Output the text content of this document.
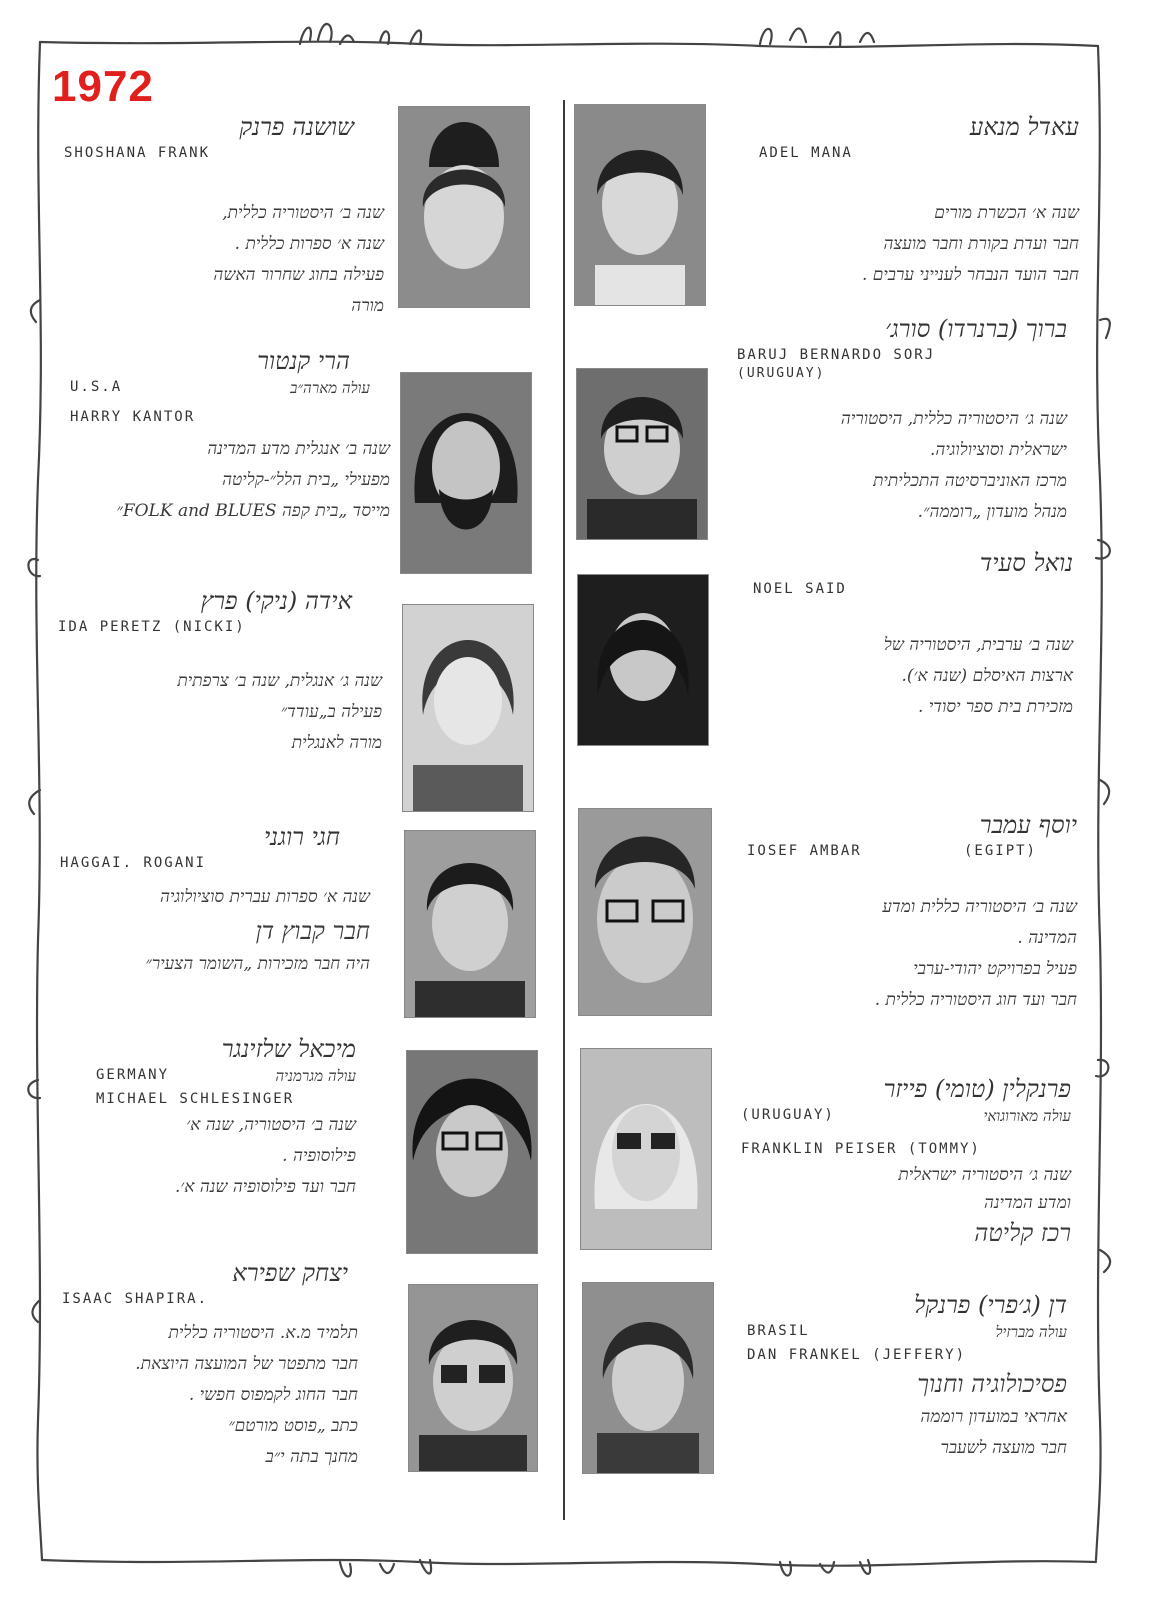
1972
עאדל מנאע
ADEL MANA
שנה א׳ הכשרת מורים
חבר ועדת בקורת וחבר מועצה
חבר הועד הנבחר לענייני ערבים .
ברוך (ברנרדו) סורג׳
BARUJ BERNARDO SORJ
(URUGUAY)
שנה ג׳ היסטוריה כללית, היסטוריה
ישראלית וסוציולוגיה.
מרכז האוניברסיטה התכליתית
מנהל מועדון „רוממה״.
נואל סעיד
NOEL SAID
שנה ב׳ ערבית, היסטוריה של
ארצות האיסלם (שנה א׳).
מזכירת בית ספר יסודי .
יוסף עמבר
(EGIPT)
IOSEF AMBAR
שנה ב׳ היסטוריה כללית ומדע
המדינה .
פעיל בפרויקט יהודי-ערבי
חבר ועד חוג היסטוריה כללית .
פרנקלין (טומי) פייזר
עולה מאורוגואי
(URUGUAY)
FRANKLIN PEISER (TOMMY)
שנה ג׳ היסטוריה ישראלית
ומדע המדינה
רכז קליטה
דן (ג׳פרי) פרנקל
עולה מברזיל
BRASIL
DAN FRANKEL (JEFFERY)
פסיכולוגיה וחנוך
אחראי במועדון רוממה
חבר מועצה לשעבר
שושנה פרנק
SHOSHANA FRANK
שנה ב׳ היסטוריה כללית,
שנה א׳ ספרות כללית .
פעילה בחוג שחרור האשה
מורה
הרי קנטור
עולה מארה״ב
U.S.A
HARRY KANTOR
שנה ב׳ אנגלית מדע המדינה
מפעילי „בית הלל״-קליטה
מייסד „בית קפה FOLK and BLUES״
אידה (ניקי) פרץ
IDA PERETZ (NICKI)
שנה ג׳ אנגלית, שנה ב׳ צרפתית
פעילה ב„עודד״
מורה לאנגלית
חגי רוגני
HAGGAI. ROGANI
שנה א׳ ספרות עברית סוציולוגיה
חבר קבוץ דן
היה חבר מזכירות „השומר הצעיר״
מיכאל שלזינגר
עולה מגרמניה
GERMANY
MICHAEL SCHLESINGER
שנה ב׳ היסטוריה, שנה א׳
פילוסופיה .
חבר ועד פילוסופיה שנה א׳.
יצחק שפירא
ISAAC SHAPIRA.
תלמיד מ.א. היסטוריה כללית
חבר מתפטר של המועצה היוצאת.
חבר החוג לקמפוס חפשי .
כתב „פוסט מורטם״
מחנך בתה י״ב
